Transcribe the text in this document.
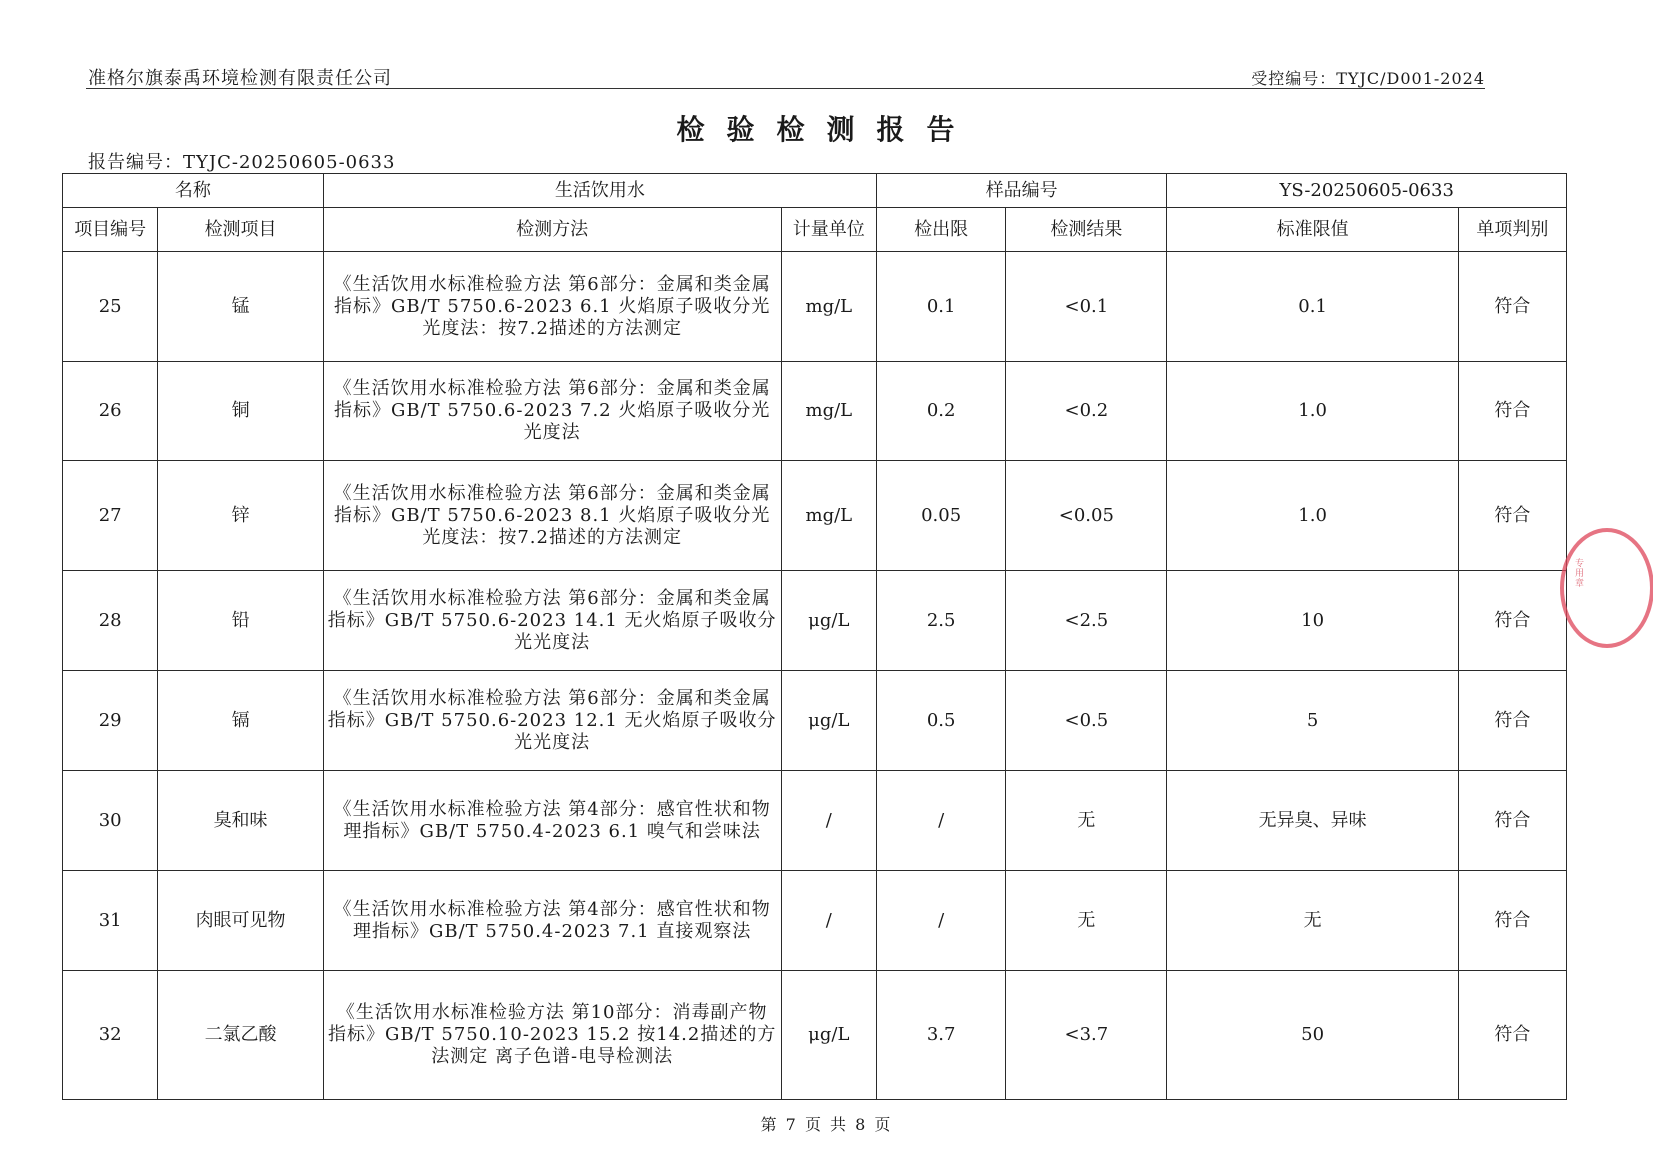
准格尔旗泰禹环境检测有限责任公司	受控编号：TYJC/D001-2024
检验检测报告
报告编号：TYJC-20250605-0633
名称		生活饮用水		样品编号		YS-20250605-0633	
项目编号	检测项目	检测方法	计量单位	检出限	检测结果	标准限值	单项判别
25	锰	《生活饮用水标准检验方法 第6部分：金属和类金属指标》GB/T 5750.6-2023 6.1 火焰原子吸收分光光度法：按7.2描述的方法测定	mg/L	0.1	<0.1	0.1	符合
26	铜	《生活饮用水标准检验方法 第6部分：金属和类金属指标》GB/T 5750.6-2023 7.2 火焰原子吸收分光光度法	mg/L	0.2	<0.2	1.0	符合
27	锌	《生活饮用水标准检验方法 第6部分：金属和类金属指标》GB/T 5750.6-2023 8.1 火焰原子吸收分光光度法：按7.2描述的方法测定	mg/L	0.05	<0.05	1.0	符合
28	铅	《生活饮用水标准检验方法 第6部分：金属和类金属指标》GB/T 5750.6-2023 14.1 无火焰原子吸收分光光度法	μg/L	2.5	<2.5	10	符合
29	镉	《生活饮用水标准检验方法 第6部分：金属和类金属指标》GB/T 5750.6-2023 12.1 无火焰原子吸收分光光度法	μg/L	0.5	<0.5	5	符合
30	臭和味	《生活饮用水标准检验方法 第4部分：感官性状和物理指标》GB/T 5750.4-2023 6.1 嗅气和尝味法	/	/	无	无异臭、异味	符合
31	肉眼可见物	《生活饮用水标准检验方法 第4部分：感官性状和物理指标》GB/T 5750.4-2023 7.1 直接观察法	/	/	无	无	符合
32	二氯乙酸	《生活饮用水标准检验方法 第10部分：消毒副产物指标》GB/T 5750.10-2023 15.2 按14.2描述的方法测定 离子色谱-电导检测法	μg/L	3.7	<3.7	50	符合
专用章
第 7 页 共 8 页
